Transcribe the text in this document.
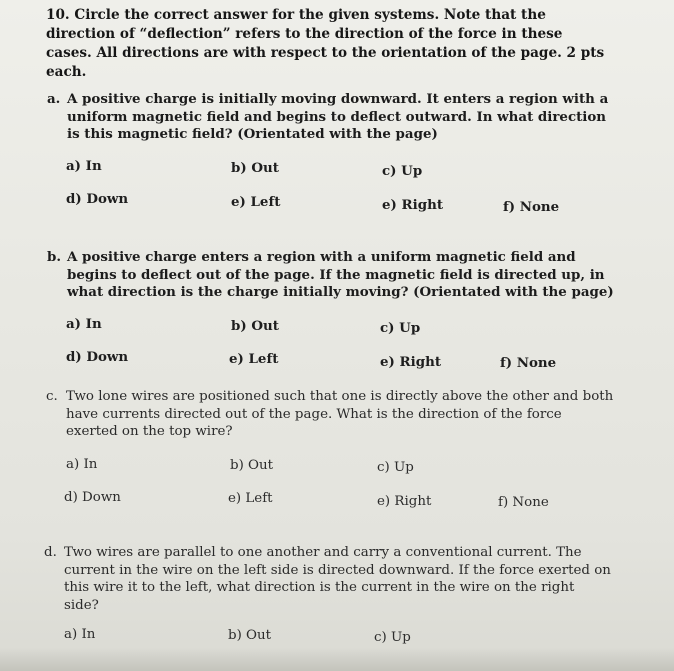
10. Circle the correct answer for the given systems. Note that the direction of “deflection” refers to the direction of the force in these cases. All directions are with respect to the orientation of the page. 2 pts each.
a. A positive charge is initially moving downward. It enters a region with a uniform magnetic field and begins to deflect outward. In what direction is this magnetic field? (Orientated with the page)
a) In	b) Out	c) Up
d) Down	e) Left	e) Right	f) None
b. A positive charge enters a region with a uniform magnetic field and begins to deflect out of the page. If the magnetic field is directed up, in what direction is the charge initially moving? (Orientated with the page)
a) In	b) Out	c) Up
d) Down	e) Left	e) Right	f) None
c. Two lone wires are positioned such that one is directly above the other and both have currents directed out of the page. What is the direction of the force exerted on the top wire?
a) In	b) Out	c) Up
d) Down	e) Left	e) Right	f) None
d. Two wires are parallel to one another and carry a conventional current. The current in the wire on the left side is directed downward. If the force exerted on this wire it to the left, what direction is the current in the wire on the right side?
a) In	b) Out	c) Up
